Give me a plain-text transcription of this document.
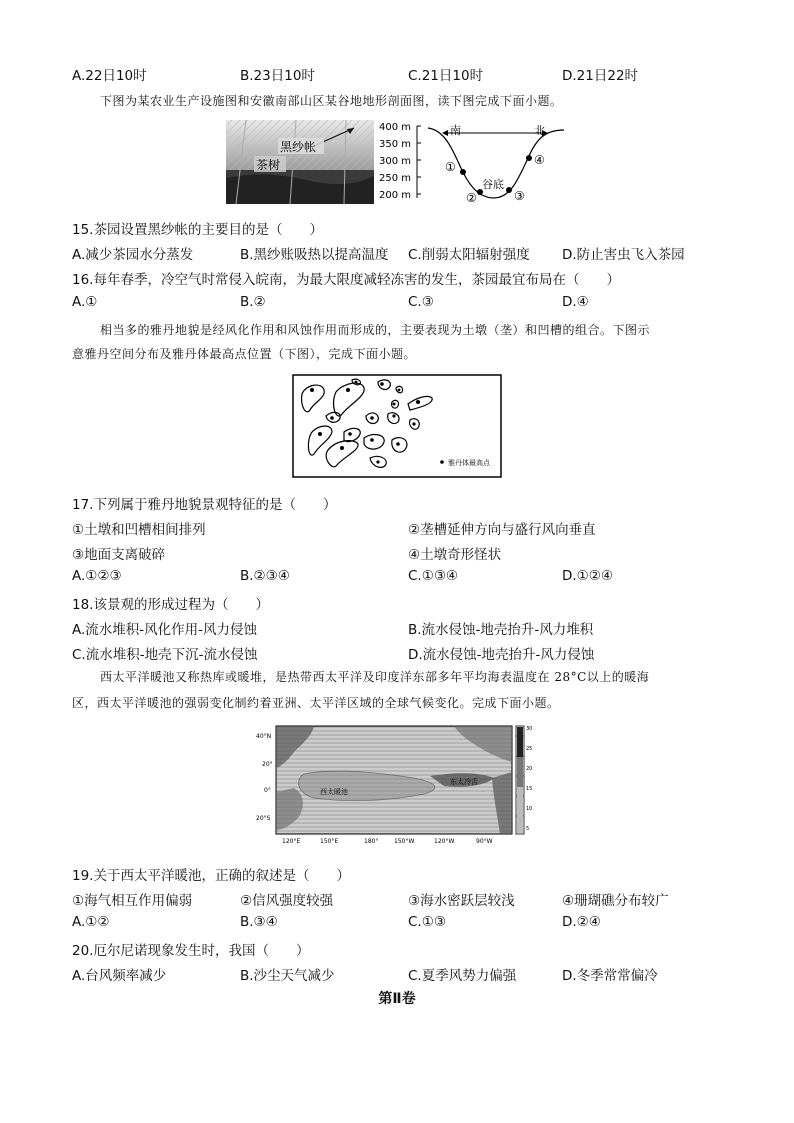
A.22日10时	B.23日10时	C.21日10时	D.21日22时
下图为某农业生产设施图和安徽南部山区某谷地地形剖面图，读下图完成下面小题。
黑纱帐
茶树
400 m
350 m
300 m
250 m
200 m
南	北
谷底
①
②	③
④
15.茶园设置黑纱帐的主要目的是（　　）
A.减少茶园水分蒸发	B.黑纱账吸热以提高温度 C.削弱太阳辐射强度 D.防止害虫飞入茶园
16.每年春季，冷空气时常侵入皖南，为最大限度减轻冻害的发生，茶园最宜布局在（　　）
A.①	B.②	C.③	D.④
相当多的雅丹地貌是经风化作用和风蚀作用而形成的，主要表现为土墩（垄）和凹槽的组合。下图示
意雅丹空间分布及雅丹体最高点位置（下图），完成下面小题。
雅丹体最高点
17.下列属于雅丹地貌景观特征的是（　　）
①土墩和凹槽相间排列	②垄槽延伸方向与盛行风向垂直
③地面支离破碎	④土墩奇形怪状
A.①②③	B.②③④	C.①③④	D.①②④
18.该景观的形成过程为（　　）
A.流水堆积-风化作用-风力侵蚀	B.流水侵蚀-地壳抬升-风力堆积
C.流水堆积-地壳下沉-流水侵蚀	D.流水侵蚀-地壳抬升-风力侵蚀
西太平洋暖池又称热库或暖堆，是热带西太平洋及印度洋东部多年平均海表温度在 28°C以上的暖海
区，西太平洋暖池的强弱变化制约着亚洲、太平洋区域的全球气候变化。完成下面小题。
30
25
20
15
10
5
40°N
20°
0°
20°S
120°E	150°E	180°	150°W	120°W	90°W
西太暖池
东太冷舌
19.关于西太平洋暖池，正确的叙述是（　　）
①海气相互作用偏弱	②信风强度较强	③海水密跃层较浅	④珊瑚礁分布较广
A.①②	B.③④	C.①③	D.②④
20.厄尔尼诺现象发生时，我国（　　）
A.台风频率减少	B.沙尘天气减少	C.夏季风势力偏强	D.冬季常常偏冷
第Ⅱ卷
